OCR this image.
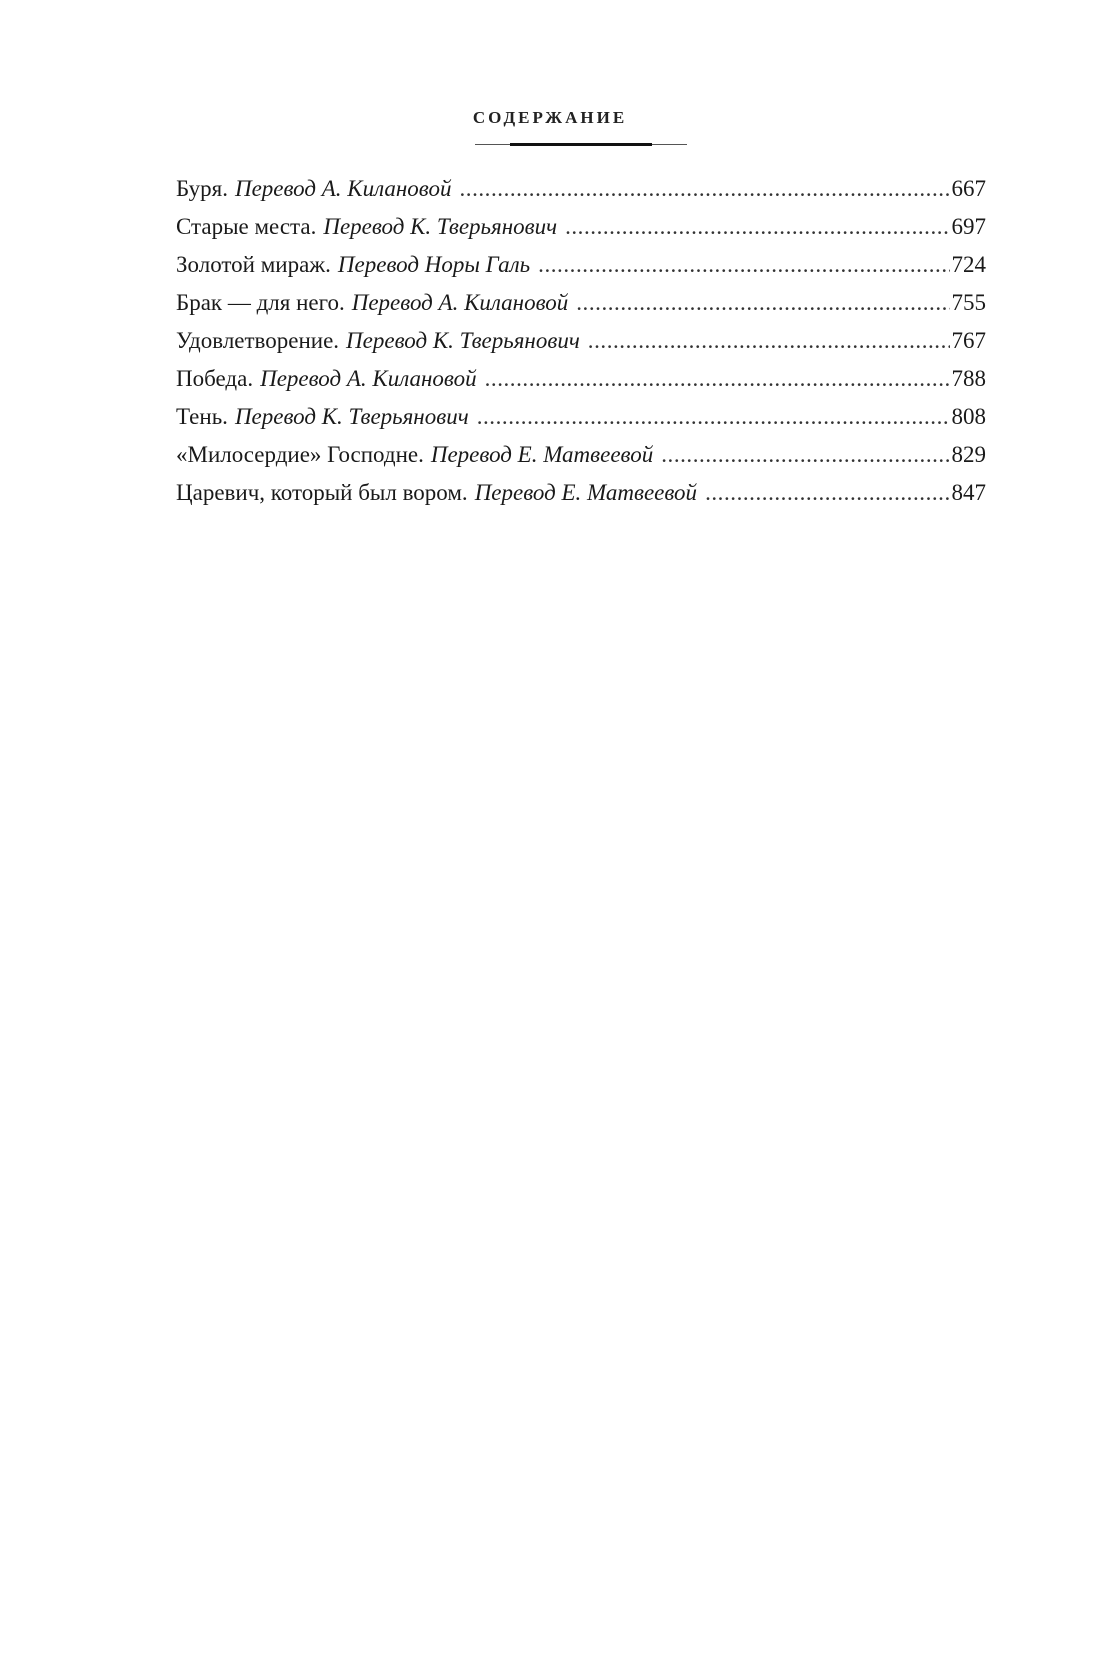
СОДЕРЖАНИЕ
Буря. Перевод А. Килановой . . .	667
Старые места. Перевод К. Тверьянович . . .	697
Золотой мираж. Перевод Норы Галь . . .	724
Брак — для него. Перевод А. Килановой . . .	755
Удовлетворение. Перевод К. Тверьянович . . .	767
Победа. Перевод А. Килановой . . .	788
Тень. Перевод К. Тверьянович . . .	808
«Милосердие» Господне. Перевод Е. Матвеевой . . .	829
Царевич, который был вором. Перевод Е. Матвеевой . . .	847
